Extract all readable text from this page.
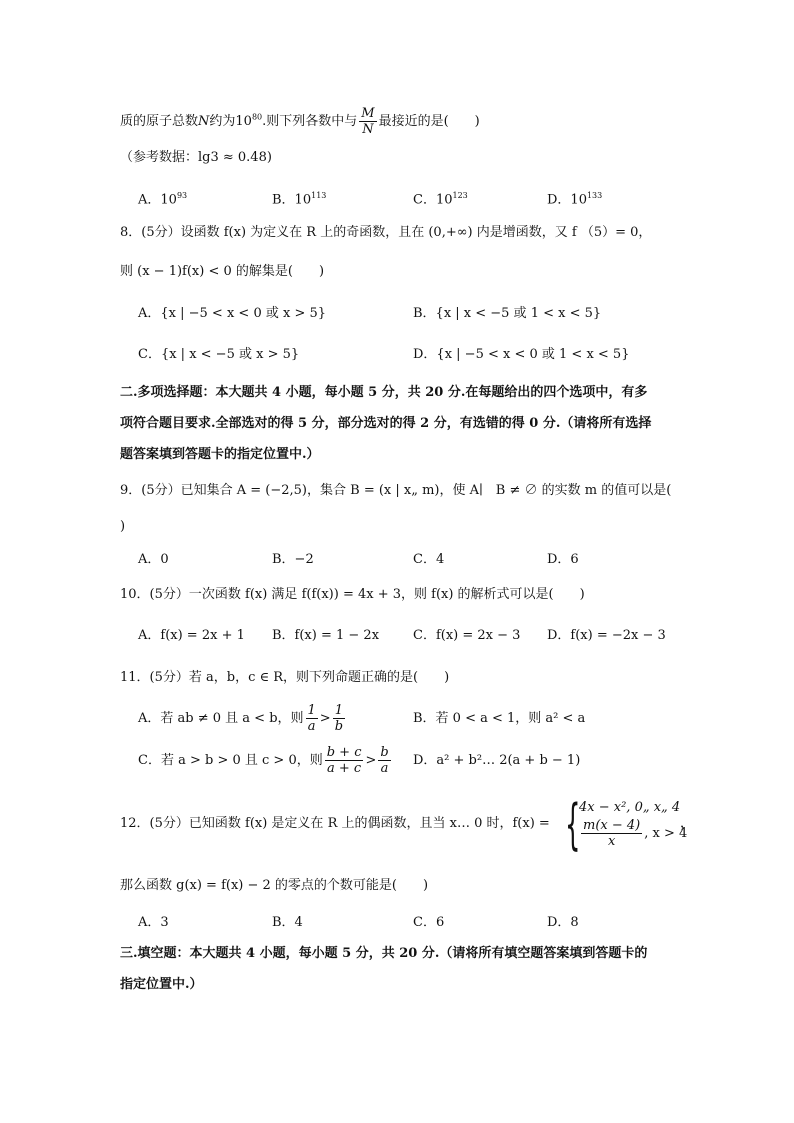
质的原子总数N约为$10^{80}$.则下列各数中与 $\frac{M}{N}$ 最接近的是(　　)
（参考数据：lg3 ≈ 0.48)
A．$10^{93}$	B．$10^{113}$	C．$10^{123}$	D．$10^{133}$
8．(5分）设函数 f(x) 为定义在 R 上的奇函数，且在 (0,+∞) 内是增函数，又 f （5）= 0，
则 (x − 1)f(x) < 0 的解集是(　　)
A．{x | −5 < x < 0 或 x > 5}	B．{x | x < −5 或 1 < x < 5}
C．{x | x < −5 或 x > 5}	D．{x | −5 < x < 0 或 1 < x < 5}
二.多项选择题：本大题共 4 小题，每小题 5 分，共 20 分.在每题给出的四个选项中，有多
项符合题目要求.全部选对的得 5 分，部分选对的得 2 分，有选错的得 0 分.（请将所有选择
题答案填到答题卡的指定位置中.）
9．(5分）已知集合 A = (−2,5)，集合 B = (x | x„ m)，使 A∣　B ≠ ∅ 的实数 m 的值可以是(
)
A．0	B．−2	C．4	D．6
10．(5分）一次函数 f(x) 满足 f(f(x)) = 4x + 3，则 f(x) 的解析式可以是(　　)
A．f(x) = 2x + 1 B．f(x) = 1 − 2x	C．f(x) = 2x − 3 D．f(x) = −2x − 3
11．(5分）若 a，b，c ∈ R，则下列命题正确的是(　　)
A．若 ab ≠ 0 且 a < b，则 $\frac{1}{a} > \frac{1}{b}$	B．若 0 < a < 1，则 a² < a
C．若 a > b > 0 且 c > 0，则 $\frac{b + c}{a + c} > \frac{b}{a}$ D．a² + b²… 2(a + b − 1)
12．(5分）已知函数 f(x) 是定义在 R 上的偶函数，且当 x… 0 时，f(x) = {
4x − x², 0„ x„ 4
$\frac{m(x - 4)}{x}$ , x > 4
，
那么函数 g(x) = f(x) − 2 的零点的个数可能是(　　)
A．3	B．4	C．6	D．8
三.填空题：本大题共 4 小题，每小题 5 分，共 20 分.（请将所有填空题答案填到答题卡的
指定位置中.）
